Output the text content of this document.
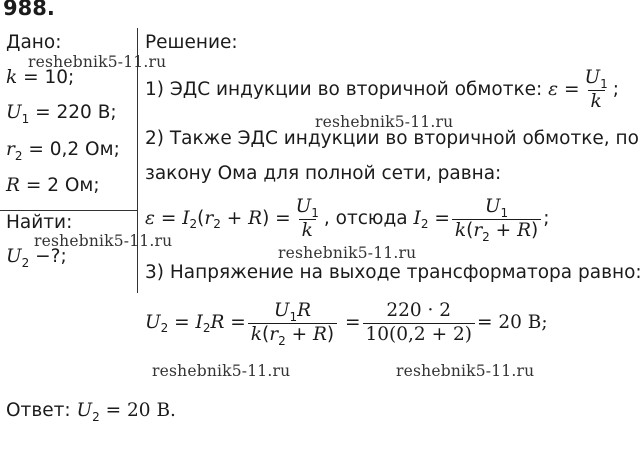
988.
Дано:
k = 10;
$U_1 = 220$ В;
$r_2 = 0,2$ Ом;
R = 2 Ом;
Найти:
$U_2$ −?;
Решение:
1) ЭДС индукции во вторичной обмотке:
$\varepsilon = \frac{U_1}{k}$ ;
2) Также ЭДС индукции во вторичной обмотке, по
закону Ома для полной сети, равна:
ε = I 2 ( r 2 + R ) = $\frac{U_1}{k}$ , отсюда
I $2 = \frac{U_1}{k(r_2 + R)}$ ;
3) Напряжение на выходе трансформатора равно:
U 2 = I 2 $R = \frac{U_1R}{k(r_2 + R)} = \frac{220 \cdot 2}{10(0,2 + 2)} = 20$ В;
Ответ: $U_2 = 20$ В.
reshebnik5-11.ru
reshebnik5-11.ru
reshebnik5-11.ru
reshebnik5-11.ru
reshebnik5-11.ru	reshebnik5-11.ru
